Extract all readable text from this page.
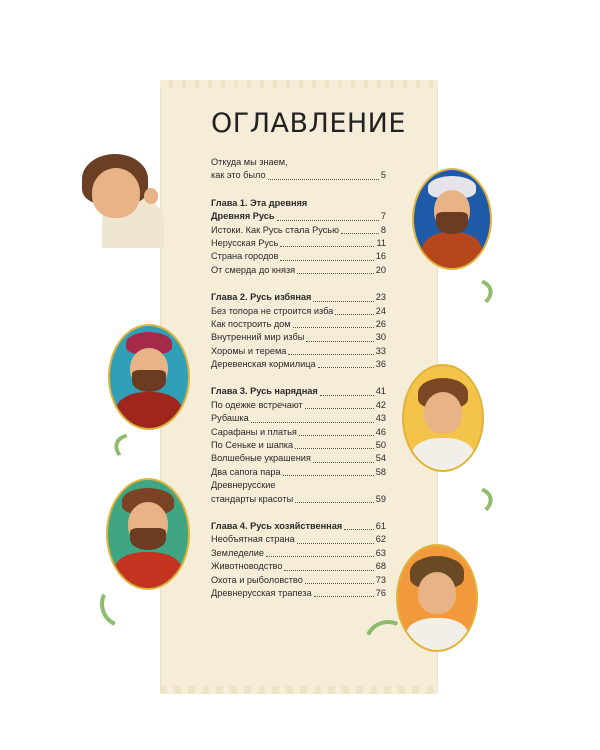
ОГЛАВЛЕНИЕ
Откуда мы знаем,
как это было	5
Глава 1. Эта древняя
Древняя Русь	7
Истоки. Как Русь стала Русью	8
Нерусская Русь	11
Страна городов	16
От смерда до князя	20
Глава 2. Русь избяная	23
Без топора не строится изба	24
Как построить дом	26
Внутренний мир избы	30
Хоромы и терема	33
Деревенская кормилица	36
Глава 3. Русь нарядная	41
По одежке встречают	42
Рубашка	43
Сарафаны и платья	46
По Сеньке и шапка	50
Волшебные украшения	54
Два сапога пара	58
Древнерусские
стандарты красоты	59
Глава 4. Русь хозяйственная	61
Необъятная страна	62
Земледелие	63
Животноводство	68
Охота и рыболовство	73
Древнерусская трапеза	76
